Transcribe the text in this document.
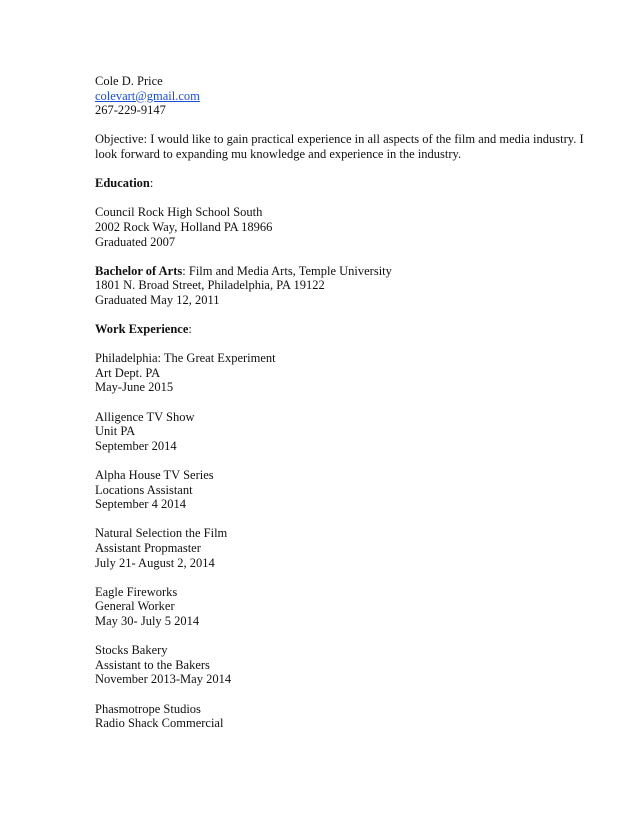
Cole D. Price
colevart@gmail.com
267-229-9147
Objective: I would like to gain practical experience in all aspects of the film and media industry. I look forward to expanding mu knowledge and experience in the industry.
Education:
Council Rock High School South
2002 Rock Way, Holland PA 18966
Graduated 2007
Bachelor of Arts: Film and Media Arts, Temple University
1801 N. Broad Street, Philadelphia, PA 19122
Graduated May 12, 2011
Work Experience:
Philadelphia: The Great Experiment
Art Dept. PA
May-June 2015
Alligence TV Show
Unit PA
September 2014
Alpha House TV Series
Locations Assistant
September 4 2014
Natural Selection the Film
Assistant Propmaster
July 21- August 2, 2014
Eagle Fireworks
General Worker
May 30- July 5 2014
Stocks Bakery
Assistant to the Bakers
November 2013-May 2014
Phasmotrope Studios
Radio Shack Commercial
